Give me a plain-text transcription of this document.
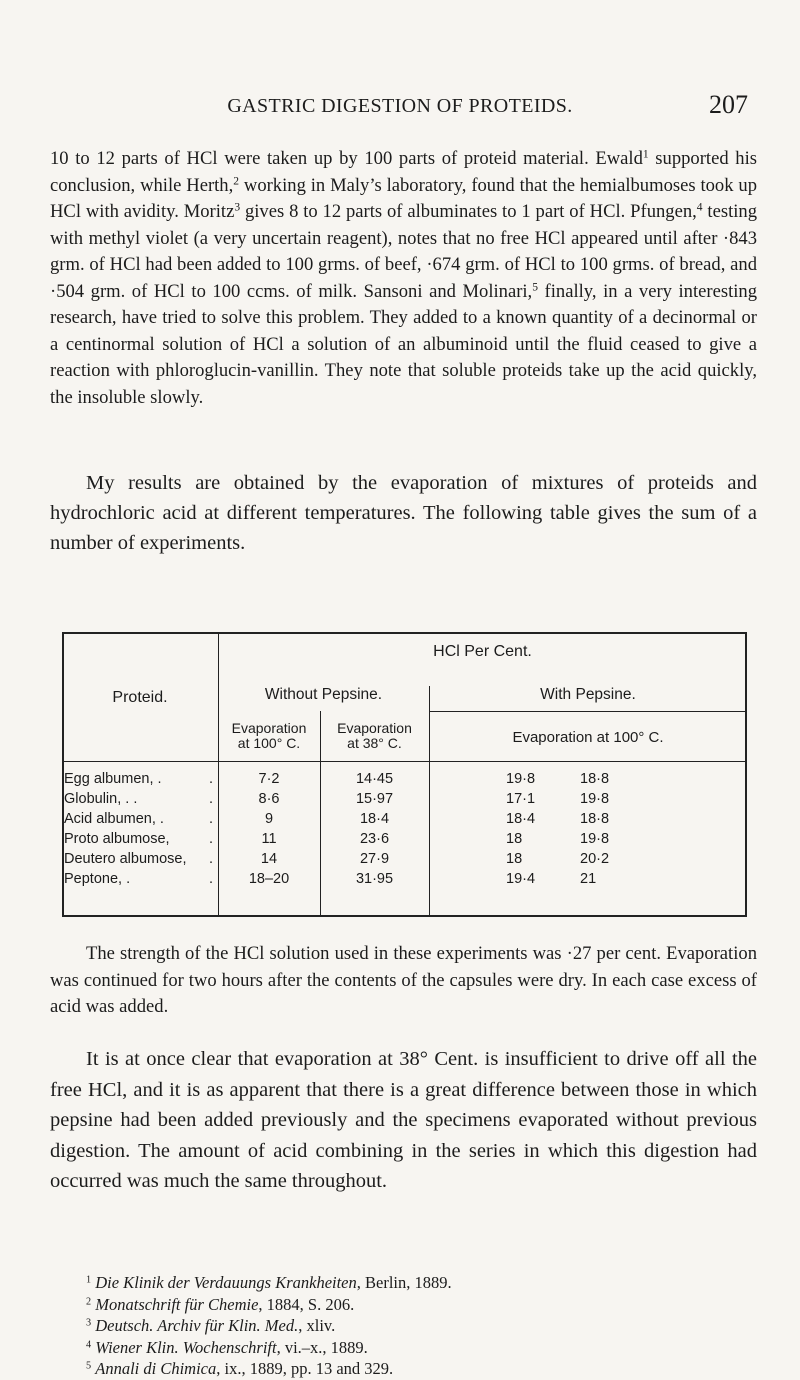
GASTRIC DIGESTION OF PROTEIDS.	207
10 to 12 parts of HCl were taken up by 100 parts of proteid material. Ewald$^1$ supported his conclusion, while Herth,$^2$ working in Maly’s laboratory, found that the hemialbumoses took up HCl with avidity. Moritz$^3$ gives 8 to 12 parts of albuminates to 1 part of HCl. Pfungen,$^4$ testing with methyl violet (a very uncertain reagent), notes that no free HCl appeared until after ·843 grm. of HCl had been added to 100 grms. of beef, ·674 grm. of HCl to 100 grms. of bread, and ·504 grm. of HCl to 100 ccms. of milk. Sansoni and Molinari,$^5$ finally, in a very interesting research, have tried to solve this problem. They added to a known quantity of a decinormal or a centinormal solution of HCl a solution of an albuminoid until the fluid ceased to give a reaction with phloroglucin-vanillin. They note that soluble proteids take up the acid quickly, the insoluble slowly.
My results are obtained by the evaporation of mixtures of proteids and hydrochloric acid at different temperatures. The following table gives the sum of a number of experiments.
Proteid.
HCl Per Cent.
Without Pepsine.	With Pepsine.
Evaporation
at 100° C.
Evaporation
at 38° C.	Evaporation at 100° C.
Egg albumen, .	.	7·2	14·45	19·8	18·8
Globulin, . .	.	8·6	15·97	17·1	19·8
Acid albumen, .	.	9	18·4	18·4	18·8
Proto albumose,	.	11	23·6	18	19·8
Deutero albumose,	.	14	27·9	18	20·2
Peptone, .	.	18–20	31·95	19·4	21
The strength of the HCl solution used in these experiments was ·27 per cent. Evaporation was continued for two hours after the contents of the capsules were dry. In each case excess of acid was added.
It is at once clear that evaporation at 38° Cent. is insufficient to drive off all the free HCl, and it is as apparent that there is a great difference between those in which pepsine had been added previously and the specimens evaporated without previous digestion. The amount of acid combining in the series in which this digestion had occurred was much the same throughout.
$^1$ Die Klinik der Verdauungs Krankheiten, Berlin, 1889.
$^2$ Monatschrift für Chemie, 1884, S. 206.
$^3$ Deutsch. Archiv für Klin. Med., xliv.
$^4$ Wiener Klin. Wochenschrift, vi.–x., 1889.
$^5$ Annali di Chimica, ix., 1889, pp. 13 and 329.
